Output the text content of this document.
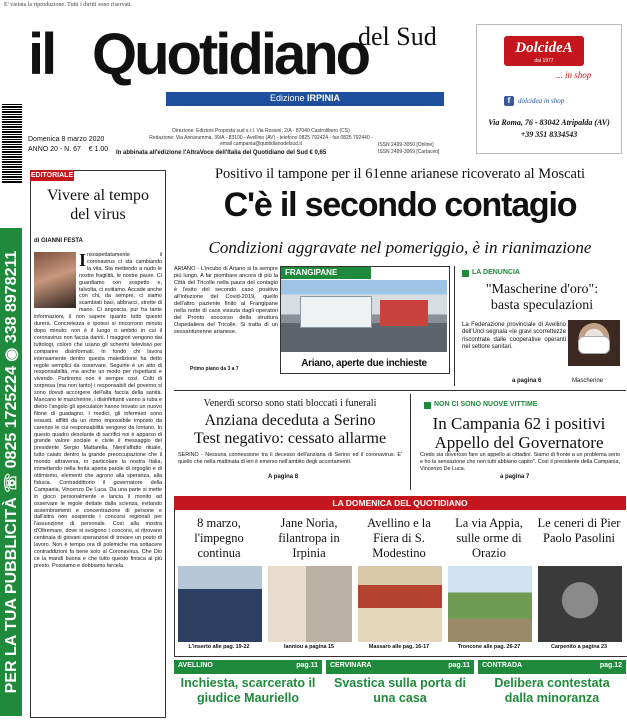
E' vietata la riproduzione. Tutti i diritti sono riservati.
il Quotidiano
del Sud
Edizione IRPINIA
DolcideA
dal 1977
... in shop
f	dolcidea in shop
Via Roma, 76 - 83042 Atripalda (AV)
+39 351 8334543
Domenica 8 marzo 2020
ANNO 20 - N. 67 € 1.00
Direzione: Edizioni Proposta sud s.r.l. Via Rossini, 2/A - 87040 Castrolibero (CS)
Redazione: Via Annarumma, 39/A - 83100 - Avellino (AV) - telefono 0825 792424 - fax 0825 792440 -
email campania@quotidianodelsud.it
In abbinata all'edizione l'AltraVoce dell'Italia del Quotidiano del Sud € 0,65
ISSN 2499-3050 [Online]
ISSN 2499-3069 [Cartaceo]
PER LA TUA PUBBLICITÀ ☏ 0825 1725224 ◉ 338 8978211
EDITORIALE
Vivere al tempo
del virus
di GIANNI FESTA
Insospettatamente il coronavirus ci sta cambiando la vita. Sta mettendo a nudo le nostre fragilità, le nostre paure. Ci guardiamo con sospetto e, talvolta, ci evitiamo. Accade anche con chi, da sempre, ci siamo scambiati baci, abbracci, strette di mano. Ci angoscia, pur fra tante informazioni, il non sapere quanto tutto questo durerà. Concretezza e ipotesi si rincorrono minuto dopo minuto: non è il luogo o ambito in cui il coronavirus non faccia danni. I maggiori vengono dai tuttologi, coloro che usano gli schermi televisivi per comparire disinformati. In fondo chi lavora intensamente dentro questa maledizione ha detto regole semplici da osservare. Seguirle è un atto di responsabilità, ma anche un modo per rispettarsi e vivendo. Partiremo non è sempre così. Colti di sorpresa (ma non tanto) i responsabili del governo si sono dovuti accorgere dell'alta faccia della sanità. Mancano le mascherine, i disinfettanti vanno a ruba e dietro l'angolo gli speculatori hanno trovato un nuovo filone di guadagno. I medici, gli infermieri sono esausti, afflitti da un ritmo impossibile imposto da carenze le cui responsabilità vengono da lontano. In questo quadro desolante di sacrifici noi è apparso di grande valore sociale e civile il messaggio del presidente Sergio Mattarella. Nient'affatto rituale, tutto calato dentro la grande preoccupazione che il mondo attraversa, in particolare la nostra Italia, immettendo nella ferita aperta parole di orgoglio e di ottimismo, elementi che agrono alla speranza, alla fiducia. Contraddittorio il governatore della Campania, Vincenzo De Luca. Da una parte si mette in gioco personalmente e lancia il monito ad osservare le regole dettate dalla scienza, evitando assembramenti e concentrazione di persone e dall'altra non sospende i concorsi regionali per l'assunzione di personale. Così alla mostra d'Oltremare, dove si svolgono i concorsi, si ritrovano centinaia di giovani speranzosi di trovare un posto di lavoro. Non è tempo ora di polemiche ma sottacere contraddizioni fa bene solo al Coronavirus. Che Dio ce la mandi buona e che tutto questo finisca al più presto. Possiamo e dobbiamo farcela.
Positivo il tampone per il 61enne arianese ricoverato al Moscati
C'è il secondo contagio
Condizioni aggravate nel pomeriggio, è in rianimazione
ARIANO - L'incubo di Ariano si fa sempre più lungo. A far piombare ancora di più la Città del Tricolle nella paura del contagio è l'esito del secondo caso positivo all'infezione del Covid-2019, quello dell'altro paziente finito al Frangipane nella notte di caos vissuta dagli operatori del Pronto soccorso della struttura Ospedaliera del Tricolle. Si tratta di un sessantunenne arianese.
Primo piano da 3 a 7
FRANGIPANE
Ariano, aperte due inchieste
LA DENUNCIA
"Mascherine d'oro":
basta speculazioni
La Federazione provinciale di Avellino dell'Unci segnala «le gravi scorrettezze riscontrate dalle cooperative operanti nel settore sanitari.
a pagina 6	Mascherine
Venerdì scorso sono stati bloccati i funerali
Anziana deceduta a Serino
Test negativo: cessato allarme
SERINO - Nessuna connessione tra il decesso dell'anziana di Serino ed il coronavirus. E' quello che nella mattinata di ieri è emerso nell'ambito degli accertamenti.
A pagina 8
NON CI SONO NUOVE VITTIME
In Campania 62 i positivi
Appello del Governatore
Credo sia doveroso fare un appello ai cittadini. Siamo di fronte a un problema serio e ho la sensazione che non tutti abbiano capito". Così il presidente della Campania, Vincenzo De Luca.
a pagina 7
LA DOMENICA DEL QUOTIDIANO
8 marzo, l'impegno continua
L'inserto alle pag. 19-22
Jane Noria, filantropa in Irpinia
Ianniou a pagina 15
Avellino e la Fiera di S. Modestino
Massaro alle pag. 16-17
La via Appia, sulle orme di Orazio
Troncone alle pag. 26-27
Le ceneri di Pier Paolo Pasolini
Carpenito a pagina 23
AVELLINO	pag.11
Inchiesta, scarcerato il giudice Mauriello
CERVINARA	pag.11
Svastica sulla porta di una casa
CONTRADA	pag.12
Delibera contestata dalla minoranza
